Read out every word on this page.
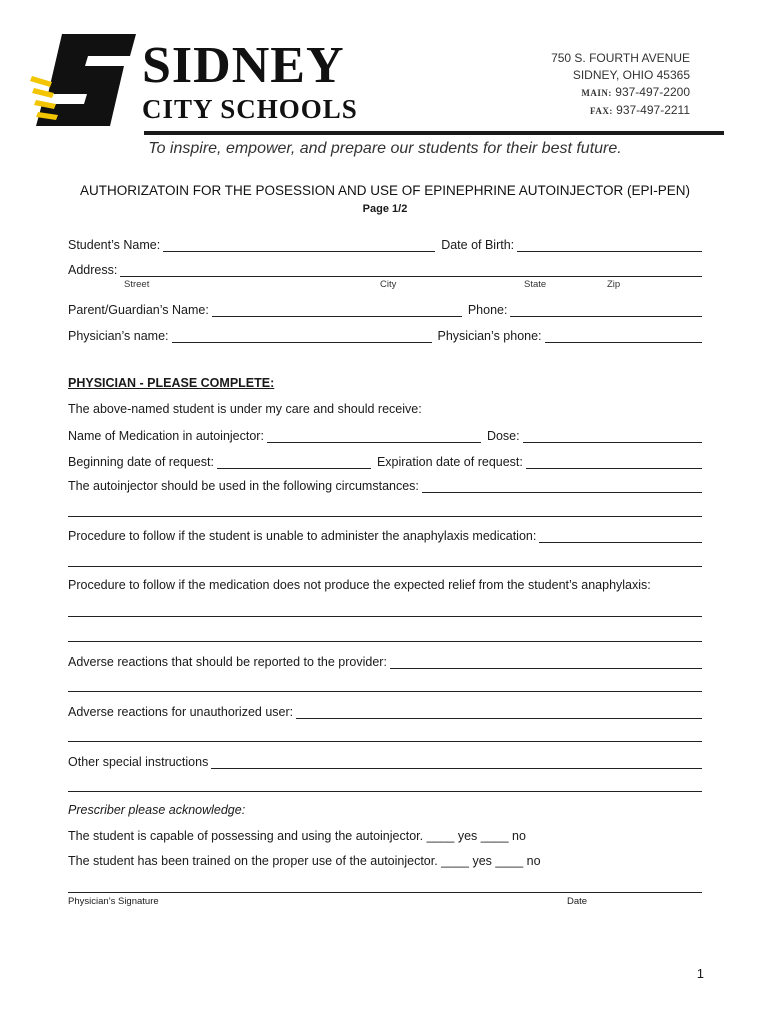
SIDNEY
CITY SCHOOLS
750 S. FOURTH AVENUE
SIDNEY, OHIO 45365
MAIN: 937-497-2200
FAX: 937-497-2211
To inspire, empower, and prepare our students for their best future.
AUTHORIZATOIN FOR THE POSESSION AND USE OF EPINEPHRINE AUTOINJECTOR (EPI-PEN)
Page 1/2
Student’s Name:	Date of Birth:
Address:
Street	City	State	Zip
Parent/Guardian’s Name:	Phone:
Physician’s name:	Physician’s phone:
PHYSICIAN - PLEASE COMPLETE:
The above-named student is under my care and should receive:
Name of Medication in autoinjector:	Dose:
Beginning date of request:	Expiration date of request:
The autoinjector should be used in the following circumstances:
Procedure to follow if the student is unable to administer the anaphylaxis medication:
Procedure to follow if the medication does not produce the expected relief from the student’s anaphylaxis:
Adverse reactions that should be reported to the provider:
Adverse reactions for unauthorized user:
Other special instructions
Prescriber please acknowledge:
The student is capable of possessing and using the autoinjector. ____ yes ____ no
The student has been trained on the proper use of the autoinjector. ____ yes ____ no
Physician’s Signature	Date
1
